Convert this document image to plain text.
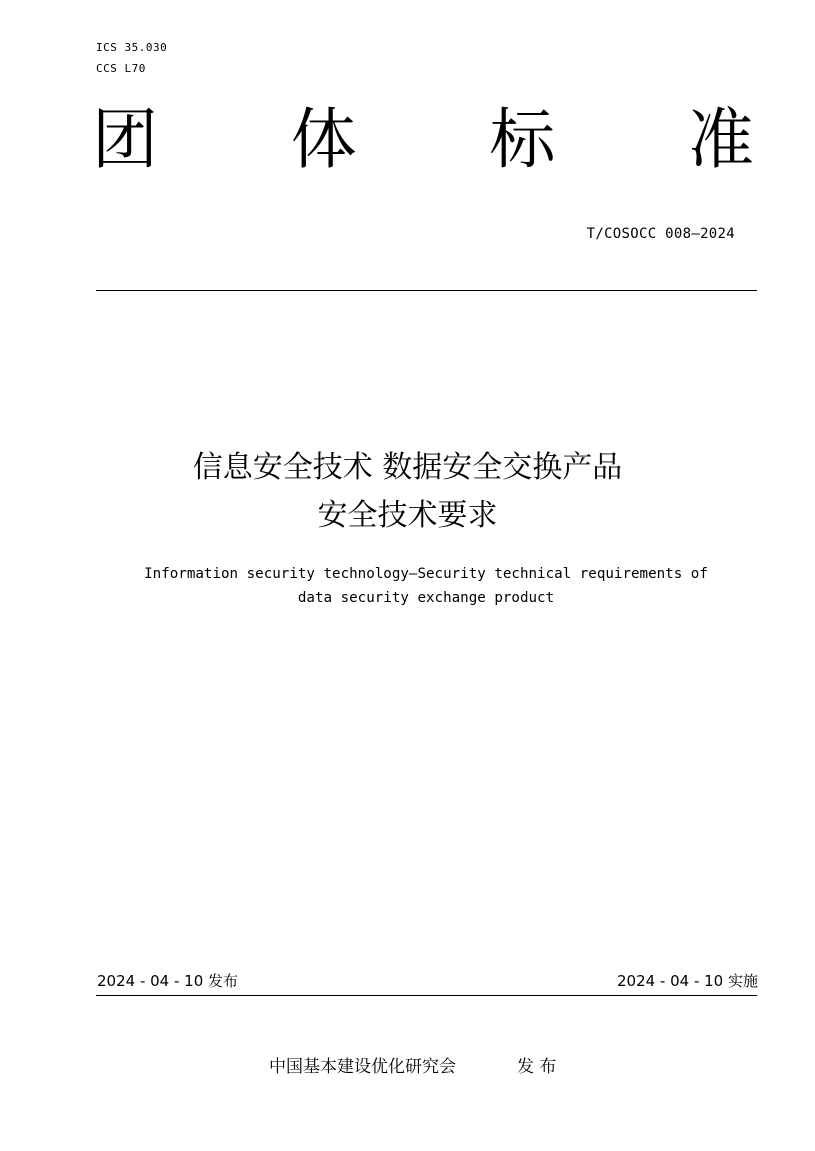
ICS 35.030
CCS L70
团 体 标 准
T/COSOCC 008—2024
信息安全技术 数据安全交换产品
安全技术要求
Information security technology—Security technical requirements of
data security exchange product
2024 - 04 - 10 发布	2024 - 04 - 10 实施
中国基本建设优化研究会	发 布
